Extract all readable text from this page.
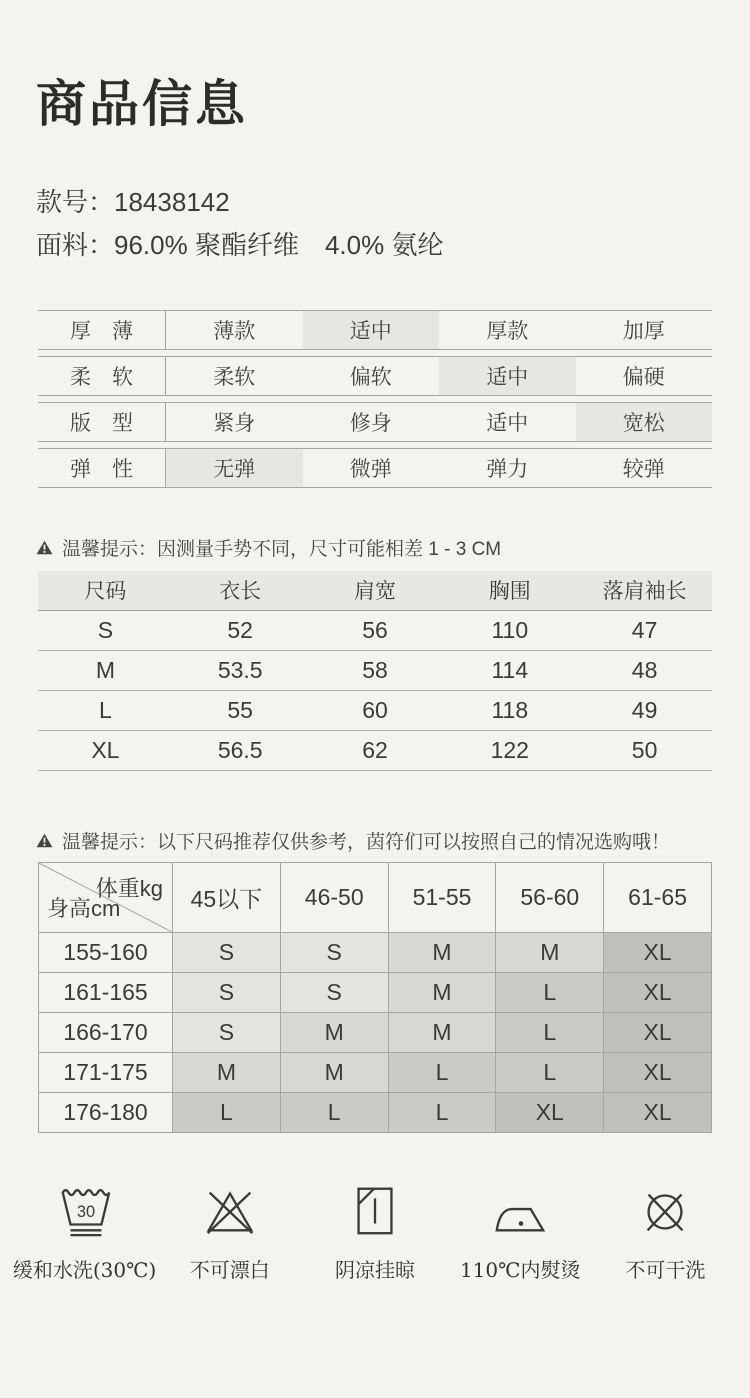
商品信息
款号：18438142
面料：96.0% 聚酯纤维 4.0% 氨纶
厚　薄	薄款	适中	厚款	加厚
柔　软	柔软	偏软	适中	偏硬
版　型	紧身	修身	适中	宽松
弹　性	无弹	微弹	弹力	较弹
温馨提示：因测量手势不同，尺寸可能相差 1 - 3 CM
尺码	衣长	肩宽	胸围	落肩袖长
S	52	56	110	47
M	53.5	58	114	48
L	55	60	118	49
XL	56.5	62	122	50
温馨提示：以下尺码推荐仅供参考，茵符们可以按照自己的情况选购哦！
体重kg
身高cm	45以下	46-50	51-55	56-60	61-65
155-160	S	S	M	M	XL
161-165	S	S	M	L	XL
166-170	S	M	M	L	XL
171-175	M	M	L	L	XL
176-180	L	L	L	XL	XL
30
缓和水洗(30℃) 不可漂白	阴凉挂晾 110℃内熨烫 不可干洗
